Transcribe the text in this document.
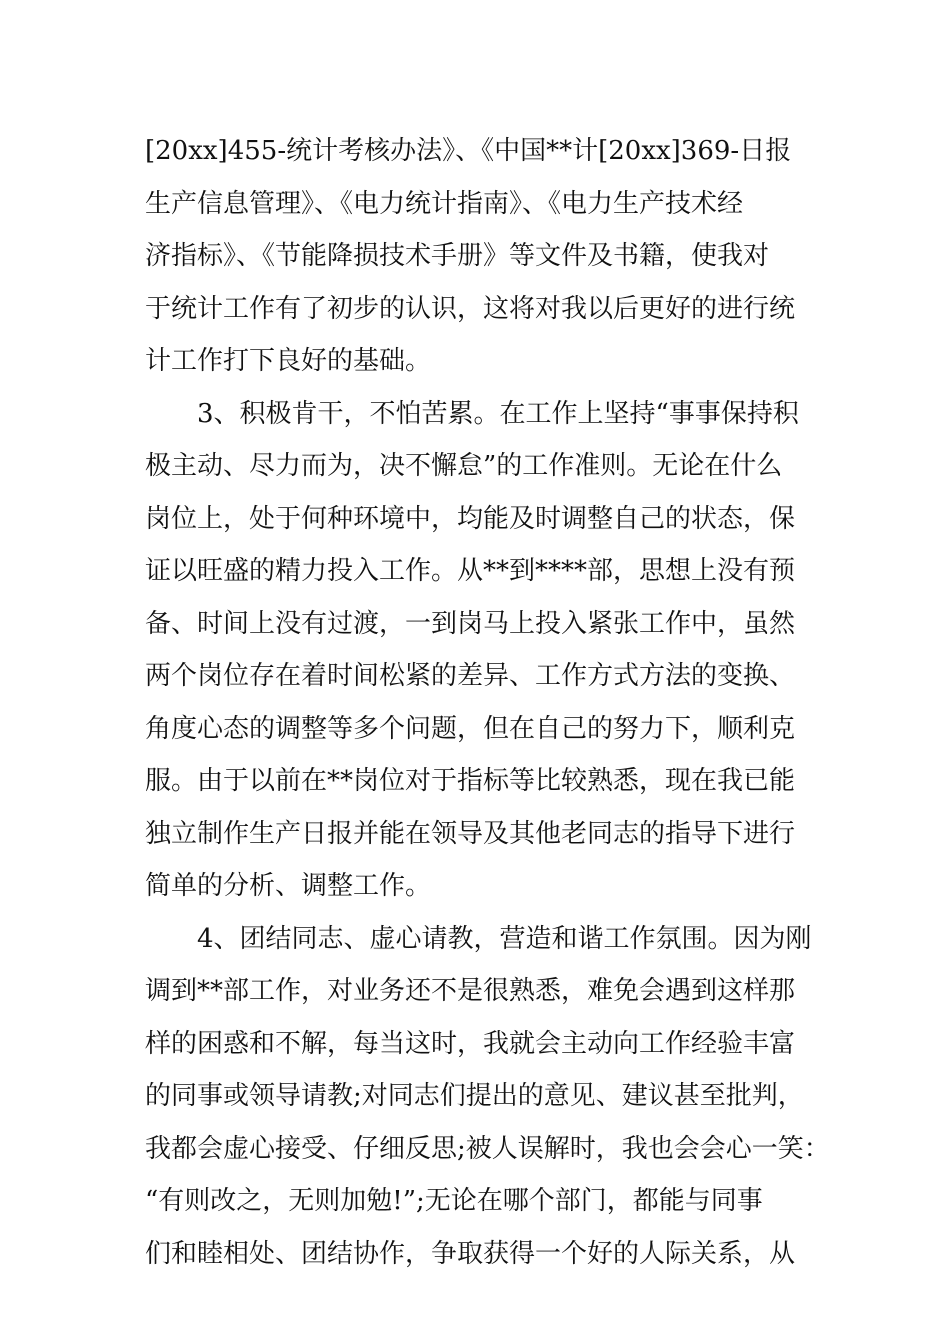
[20xx]455-统计考核办法》、《中国**计[20xx]369-日报
生产信息管理》、《电力统计指南》、《电力生产技术经
济指标》、《节能降损技术手册》等文件及书籍，使我对
于统计工作有了初步的认识，这将对我以后更好的进行统
计工作打下良好的基础。
3、积极肯干，不怕苦累。在工作上坚持“事事保持积
极主动、尽力而为，决不懈怠”的工作准则。无论在什么
岗位上，处于何种环境中，均能及时调整自己的状态，保
证以旺盛的精力投入工作。从**到****部，思想上没有预
备、时间上没有过渡，一到岗马上投入紧张工作中，虽然
两个岗位存在着时间松紧的差异、工作方式方法的变换、
角度心态的调整等多个问题，但在自己的努力下，顺利克
服。由于以前在**岗位对于指标等比较熟悉，现在我已能
独立制作生产日报并能在领导及其他老同志的指导下进行
简单的分析、调整工作。
4、团结同志、虚心请教，营造和谐工作氛围。因为刚
调到**部工作，对业务还不是很熟悉，难免会遇到这样那
样的困惑和不解，每当这时，我就会主动向工作经验丰富
的同事或领导请教;对同志们提出的意见、建议甚至批判，
我都会虚心接受、仔细反思;被人误解时，我也会会心一笑：
“有则改之，无则加勉!”;无论在哪个部门，都能与同事
们和睦相处、团结协作，争取获得一个好的人际关系，从
